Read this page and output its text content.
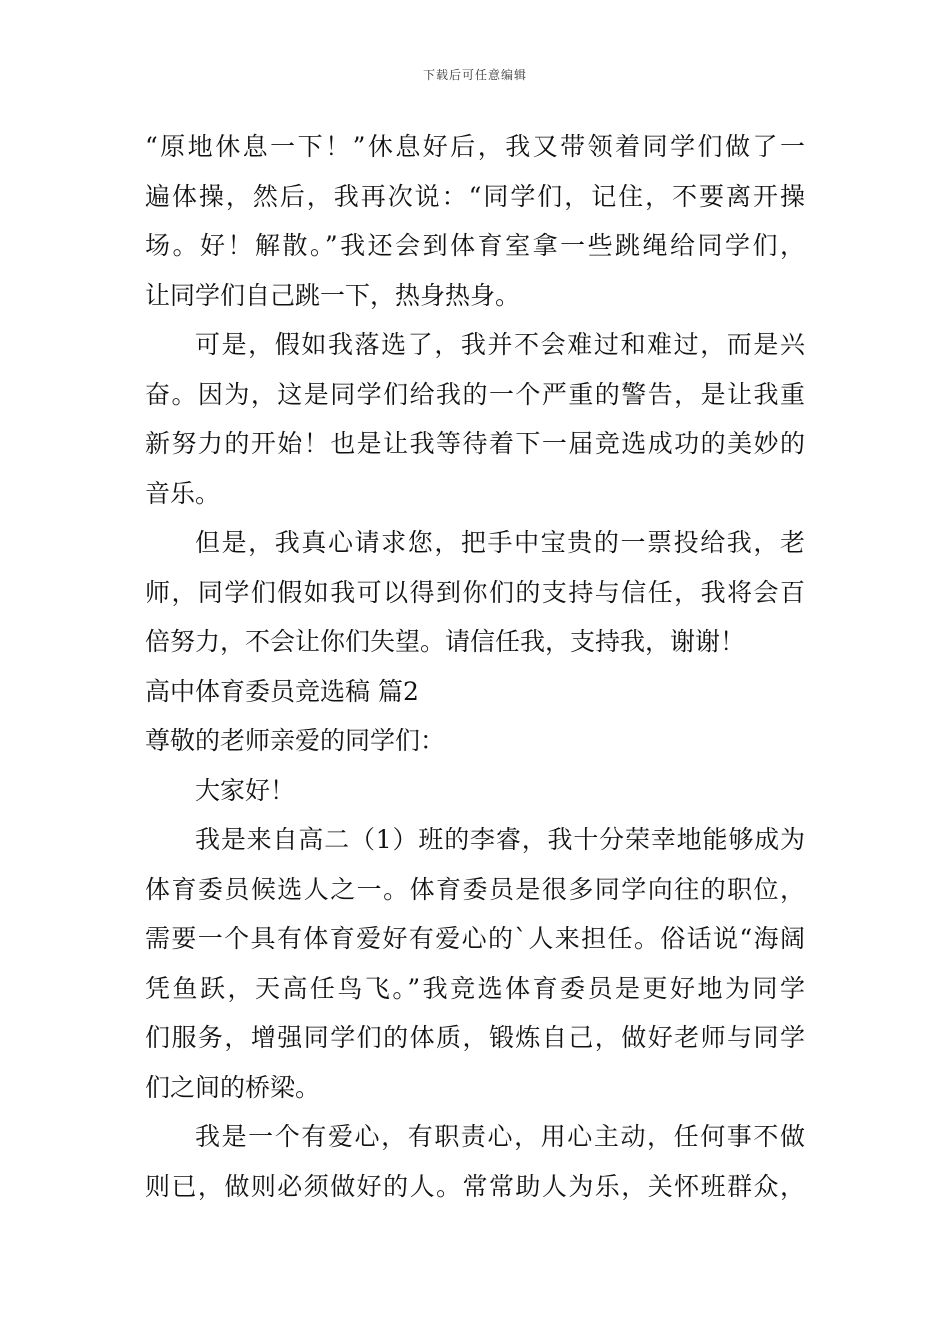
下载后可任意编辑
“原地休息一下！”休息好后，我又带领着同学们做了一
遍体操，然后，我再次说：“同学们，记住，不要离开操
场。好！解散。”我还会到体育室拿一些跳绳给同学们，
让同学们自己跳一下，热身热身。
可是，假如我落选了，我并不会难过和难过，而是兴
奋。因为，这是同学们给我的一个严重的警告，是让我重
新努力的开始！也是让我等待着下一届竞选成功的美妙的
音乐。
但是，我真心请求您，把手中宝贵的一票投给我，老
师，同学们假如我可以得到你们的支持与信任，我将会百
倍努力，不会让你们失望。请信任我，支持我，谢谢！
高中体育委员竞选稿 篇2
尊敬的老师亲爱的同学们：
大家好！
我是来自高二（1）班的李睿，我十分荣幸地能够成为
体育委员候选人之一。体育委员是很多同学向往的职位，
需要一个具有体育爱好有爱心的`人来担任。俗话说“海阔
凭鱼跃，天高任鸟飞。”我竞选体育委员是更好地为同学
们服务，增强同学们的体质，锻炼自己，做好老师与同学
们之间的桥梁。
我是一个有爱心，有职责心，用心主动，任何事不做
则已，做则必须做好的人。常常助人为乐，关怀班群众，
